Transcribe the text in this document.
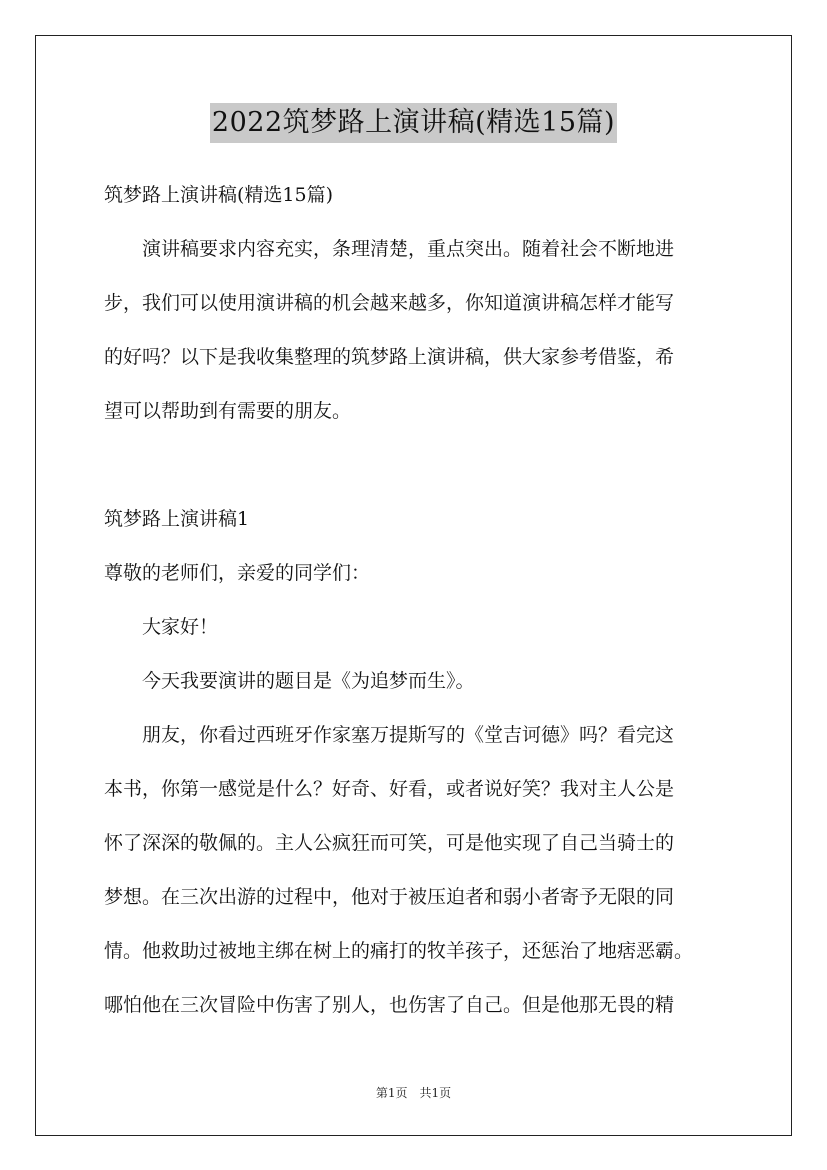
2022筑梦路上演讲稿(精选15篇)
筑梦路上演讲稿(精选15篇)
演讲稿要求内容充实，条理清楚，重点突出。随着社会不断地进
步，我们可以使用演讲稿的机会越来越多，你知道演讲稿怎样才能写
的好吗？以下是我收集整理的筑梦路上演讲稿，供大家参考借鉴，希
望可以帮助到有需要的朋友。
筑梦路上演讲稿1
尊敬的老师们，亲爱的同学们：
大家好！
今天我要演讲的题目是《为追梦而生》。
朋友，你看过西班牙作家塞万提斯写的《堂吉诃德》吗？看完这
本书，你第一感觉是什么？好奇、好看，或者说好笑？我对主人公是
怀了深深的敬佩的。主人公疯狂而可笑，可是他实现了自己当骑士的
梦想。在三次出游的过程中，他对于被压迫者和弱小者寄予无限的同
情。他救助过被地主绑在树上的痛打的牧羊孩子，还惩治了地痞恶霸。
哪怕他在三次冒险中伤害了别人，也伤害了自己。但是他那无畏的精
第1页　共1页
